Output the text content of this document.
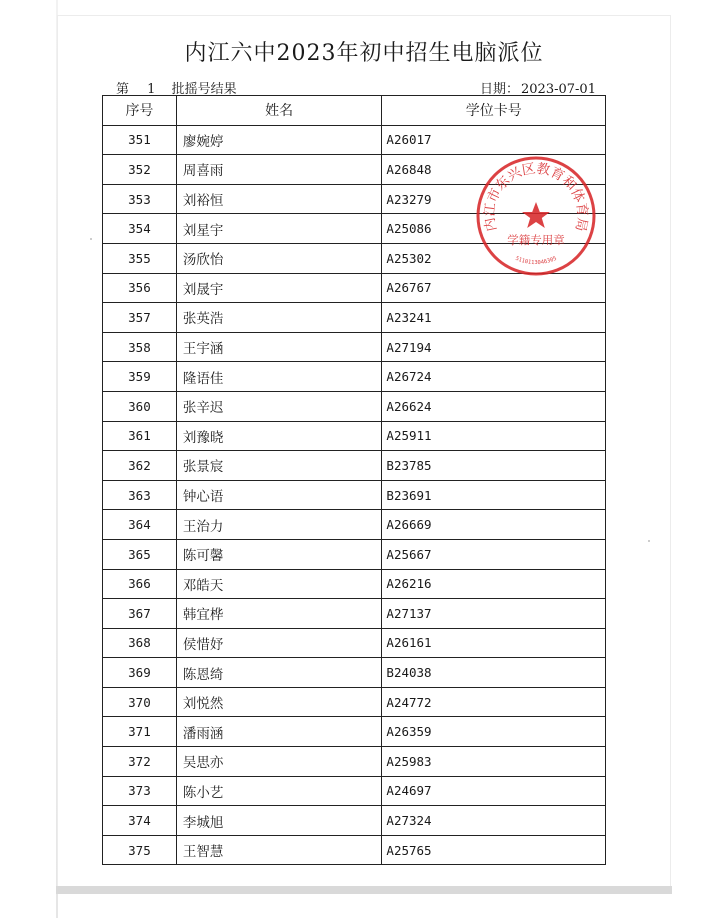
内江六中2023年初中招生电脑派位
第 1 批摇号结果	日期： 2023-07-01
序号	姓名	学位卡号
351	廖婉婷	A26017
352	周喜雨	A26848
353	刘裕恒	A23279
354	刘星宇	A25086
355	汤欣怡	A25302
356	刘晟宇	A26767
357	张英浩	A23241
358	王宇涵	A27194
359	隆语佳	A26724
360	张辛迟	A26624
361	刘豫晓	A25911
362	张景宸	B23785
363	钟心语	B23691
364	王治力	A26669
365	陈可馨	A25667
366	邓皓天	A26216
367	韩宜桦	A27137
368	侯惜妤	A26161
369	陈恩绮	B24038
370	刘悦然	A24772
371	潘雨涵	A26359
372	吴思亦	A25983
373	陈小艺	A24697
374	李城旭	A27324
375	王智慧	A25765
内江市东兴区教育和体育局
学籍专用章
5110113046305
